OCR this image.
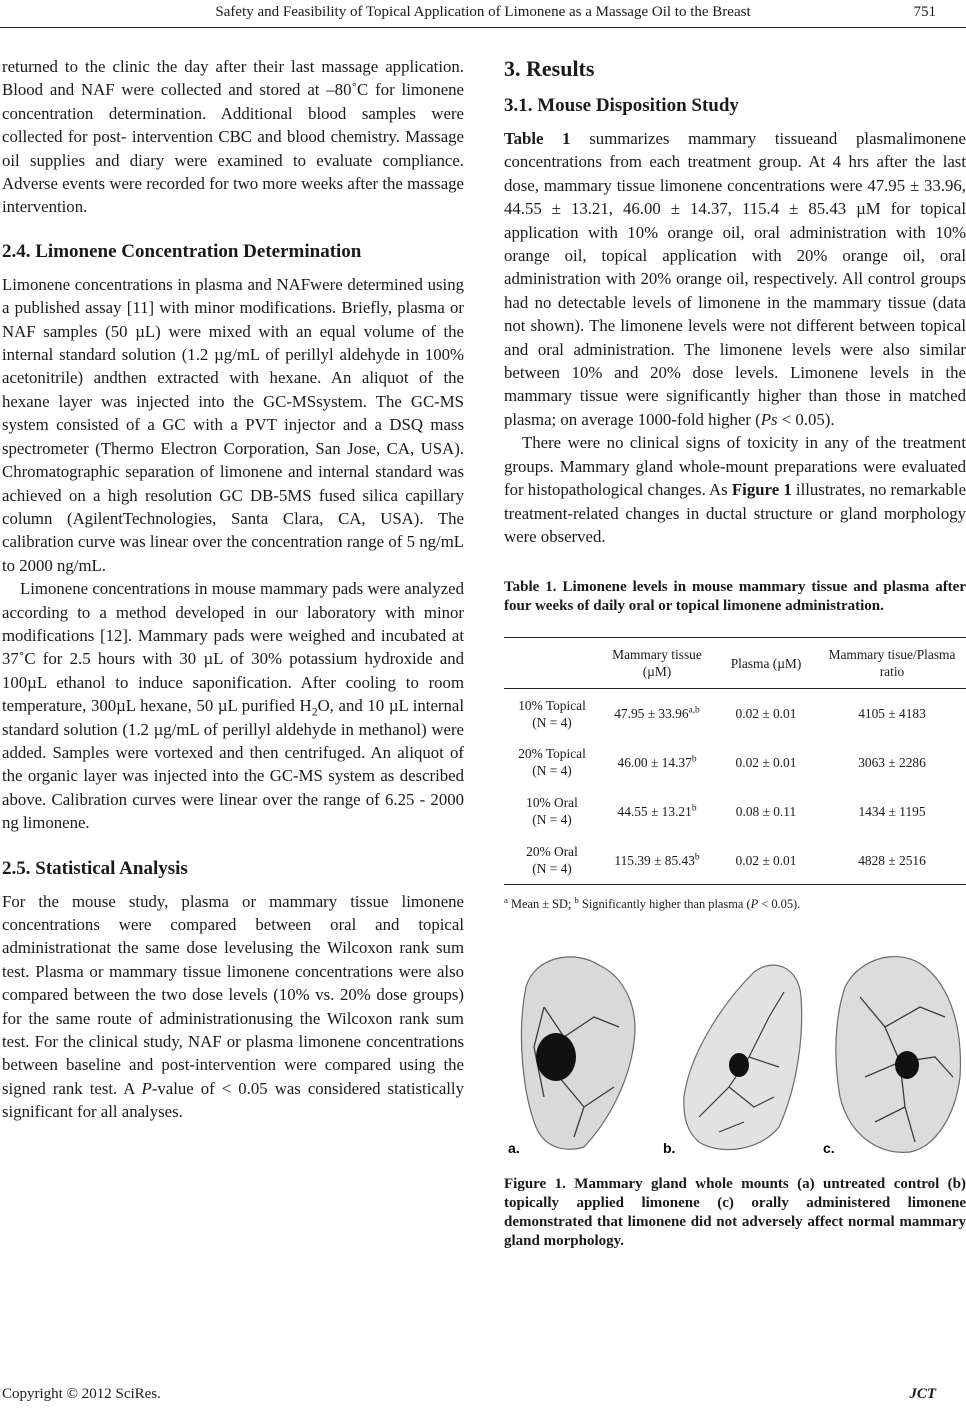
Safety and Feasibility of Topical Application of Limonene as a Massage Oil to the Breast	751

returned to the clinic the day after their last massage application. Blood and NAF were collected and stored at –80˚C for limonene concentration determination. Additional blood samples were collected for post- intervention CBC and blood chemistry. Massage oil supplies and diary were examined to evaluate compliance. Adverse events were recorded for two more weeks after the massage intervention.

2.4. Limonene Concentration Determination

Limonene concentrations in plasma and NAFwere determined using a published assay [11] with minor modifications. Briefly, plasma or NAF samples (50 µL) were mixed with an equal volume of the internal standard solution (1.2 µg/mL of perillyl aldehyde in 100% acetonitrile) andthen extracted with hexane. An aliquot of the hexane layer was injected into the GC-MSsystem. The GC-MS system consisted of a GC with a PVT injector and a DSQ mass spectrometer (Thermo Electron Corporation, San Jose, CA, USA). Chromatographic separation of limonene and internal standard was achieved on a high resolution GC DB-5MS fused silica capillary column (AgilentTechnologies, Santa Clara, CA, USA). The calibration curve was linear over the concentration range of 5 ng/mL to 2000 ng/mL.

Limonene concentrations in mouse mammary pads were analyzed according to a method developed in our laboratory with minor modifications [12]. Mammary pads were weighed and incubated at 37˚C for 2.5 hours with 30 µL of 30% potassium hydroxide and 100µL ethanol to induce saponification. After cooling to room temperature, 300µL hexane, 50 µL purified $H_2O$, and 10 µL internal standard solution (1.2 µg/mL of perillyl aldehyde in methanol) were added. Samples were vortexed and then centrifuged. An aliquot of the organic layer was injected into the GC-MS system as described above. Calibration curves were linear over the range of 6.25 - 2000 ng limonene.

2.5. Statistical Analysis

For the mouse study, plasma or mammary tissue limonene concentrations were compared between oral and topical administrationat the same dose levelusing the Wilcoxon rank sum test. Plasma or mammary tissue limonene concentrations were also compared between the two dose levels (10% vs. 20% dose groups) for the same route of administrationusing the Wilcoxon rank sum test. For the clinical study, NAF or plasma limonene concentrations between baseline and post-intervention were compared using the signed rank test. A P-value of < 0.05 was considered statistically significant for all analyses.

3. Results
3.1. Mouse Disposition Study

Table 1 summarizes mammary tissueand plasmalimonene concentrations from each treatment group. At 4 hrs after the last dose, mammary tissue limonene concentrations were 47.95 ± 33.96, 44.55 ± 13.21, 46.00 ± 14.37, 115.4 ± 85.43 µM for topical application with 10% orange oil, oral administration with 10% orange oil, topical application with 20% orange oil, oral administration with 20% orange oil, respectively. All control groups had no detectable levels of limonene in the mammary tissue (data not shown). The limonene levels were not different between topical and oral administration. The limonene levels were also similar between 10% and 20% dose levels. Limonene levels in the mammary tissue were significantly higher than those in matched plasma; on average 1000-fold higher (Ps < 0.05).

There were no clinical signs of toxicity in any of the treatment groups. Mammary gland whole-mount preparations were evaluated for histopathological changes. As Figure 1 illustrates, no remarkable treatment-related changes in ductal structure or gland morphology were observed.

Table 1. Limonene levels in mouse mammary tissue and plasma after four weeks of daily oral or topical limonene administration.
	Mammary tissue (µM)	Plasma (µM)	Mammary tisue/Plasma ratio
10% Topical
(N = 4)	$47.95 \pm 33.96^{a,b}$	0.02 ± 0.01	4105 ± 4183
20% Topical
(N = 4)	46.00 ± 14.37$^b$	0.02 ± 0.01	3063 ± 2286
10% Oral
(N = 4)	44.55 ± 13.21$^b$	0.08 ± 0.11	1434 ± 1195
20% Oral
(N = 4)	115.39 ± 85.43$^b$	0.02 ± 0.01	4828 ± 2516
$^a$ Mean ± SD; $^b$ Significantly higher than plasma (P < 0.05).
a.	b.	c.
Figure 1. Mammary gland whole mounts (a) untreated control (b) topically applied limonene (c) orally administered limonene demonstrated that limonene did not adversely affect normal mammary gland morphology.
Copyright © 2012 SciRes.	JCT
